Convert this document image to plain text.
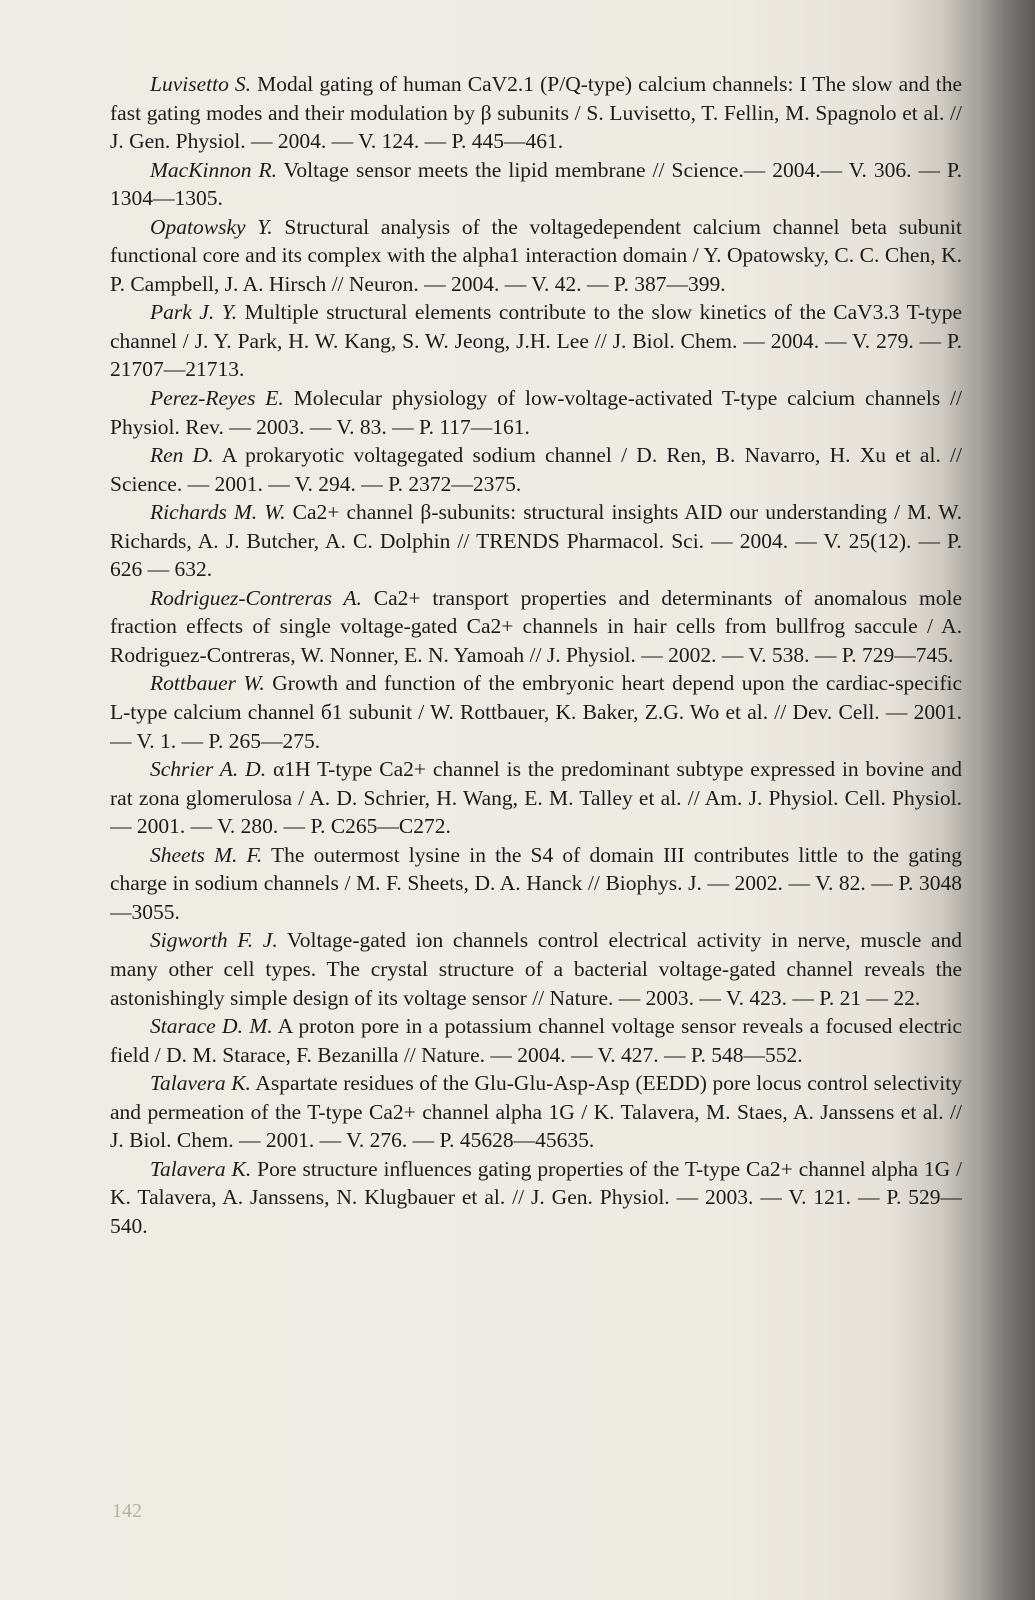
Luvisetto S. Modal gating of human CaV2.1 (P/Q-type) calcium channels: I The slow and the fast gating modes and their modulation by β subunits / S. Luvisetto, T. Fellin, M. Spagnolo et al. // J. Gen. Physiol. — 2004. — V. 124. — P. 445—461.

MacKinnon R. Voltage sensor meets the lipid membrane // Science.— 2004.— V. 306. — P. 1304—1305.

Opatowsky Y. Structural analysis of the voltagedependent calcium channel beta subunit functional core and its complex with the alpha1 interaction domain / Y. Opatowsky, C. C. Chen, K. P. Campbell, J. A. Hirsch // Neuron. — 2004. — V. 42. — P. 387—399.

Park J. Y. Multiple structural elements contribute to the slow kinetics of the CaV3.3 T-type channel / J. Y. Park, H. W. Kang, S. W. Jeong, J.H. Lee // J. Biol. Chem. — 2004. — V. 279. — P. 21707—21713.

Perez-Reyes E. Molecular physiology of low-voltage-activated T-type calcium channels // Physiol. Rev. — 2003. — V. 83. — P. 117—161.

Ren D. A prokaryotic voltagegated sodium channel / D. Ren, B. Navarro, H. Xu et al. // Science. — 2001. — V. 294. — P. 2372—2375.

Richards M. W. Ca2+ channel β-subunits: structural insights AID our understanding / M. W. Richards, A. J. Butcher, A. C. Dolphin // TRENDS Pharmacol. Sci. — 2004. — V. 25(12). — P. 626 — 632.

Rodriguez-Contreras A. Ca2+ transport properties and determinants of anomalous mole fraction effects of single voltage-gated Ca2+ channels in hair cells from bullfrog saccule / A. Rodriguez-Contreras, W. Nonner, E. N. Yamoah // J. Physiol. — 2002. — V. 538. — P. 729—745.

Rottbauer W. Growth and function of the embryonic heart depend upon the cardiac-specific L-type calcium channel б1 subunit / W. Rottbauer, K. Baker, Z.G. Wo et al. // Dev. Cell. — 2001. — V. 1. — P. 265—275.

Schrier A. D. α1H T-type Ca2+ channel is the predominant subtype expressed in bovine and rat zona glomerulosa / A. D. Schrier, H. Wang, E. M. Talley et al. // Am. J. Physiol. Cell. Physiol. — 2001. — V. 280. — P. C265—C272.

Sheets M. F. The outermost lysine in the S4 of domain III contributes little to the gating charge in sodium channels / M. F. Sheets, D. A. Hanck // Biophys. J. — 2002. — V. 82. — P. 3048—3055.

Sigworth F. J. Voltage-gated ion channels control electrical activity in nerve, muscle and many other cell types. The crystal structure of a bacterial voltage-gated channel reveals the astonishingly simple design of its voltage sensor // Nature. — 2003. — V. 423. — P. 21 — 22.

Starace D. M. A proton pore in a potassium channel voltage sensor reveals a focused electric field / D. M. Starace, F. Bezanilla // Nature. — 2004. — V. 427. — P. 548—552.

Talavera K. Aspartate residues of the Glu-Glu-Asp-Asp (EEDD) pore locus control selectivity and permeation of the T-type Ca2+ channel alpha 1G / K. Talavera, M. Staes, A. Janssens et al. // J. Biol. Chem. — 2001. — V. 276. — P. 45628—45635.

Talavera K. Pore structure influences gating properties of the T-type Ca2+ channel alpha 1G / K. Talavera, A. Janssens, N. Klugbauer et al. // J. Gen. Physiol. — 2003. — V. 121. — P. 529—540.

142
